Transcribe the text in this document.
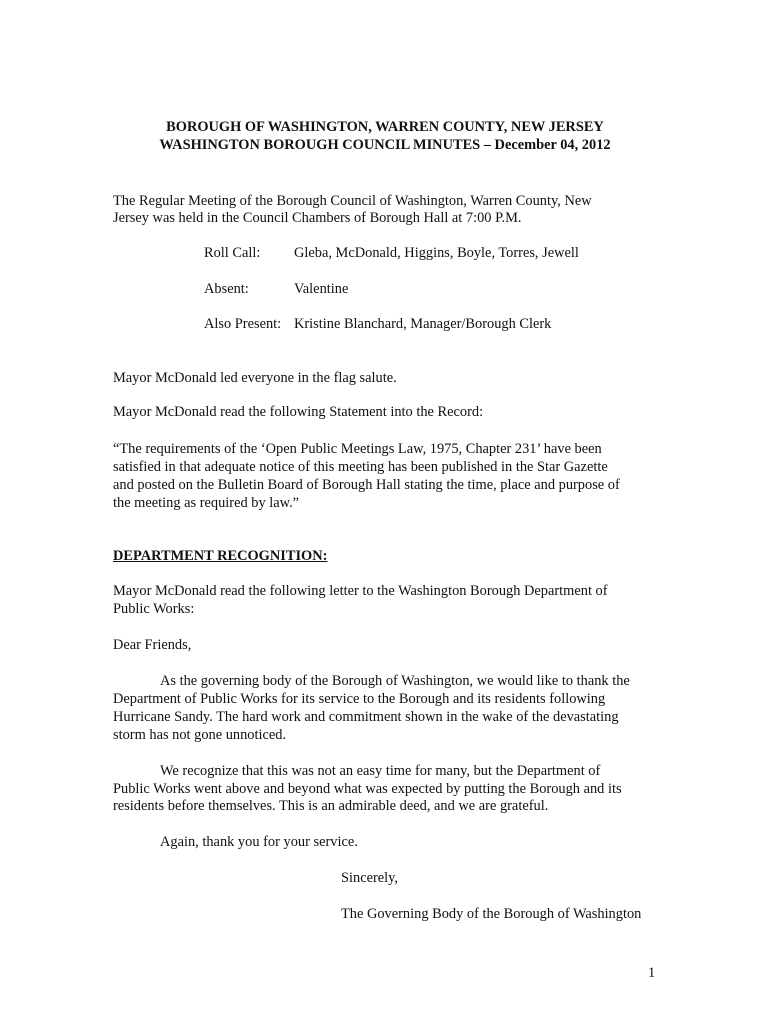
BOROUGH OF WASHINGTON, WARREN COUNTY, NEW JERSEY
WASHINGTON BOROUGH COUNCIL MINUTES – December 04, 2012
The Regular Meeting of the Borough Council of Washington, Warren County, New
Jersey was held in the Council Chambers of Borough Hall at 7:00 P.M.
Roll Call: Gleba, McDonald, Higgins, Boyle, Torres, Jewell
Absent:	Valentine
Also Present: Kristine Blanchard, Manager/Borough Clerk
Mayor McDonald led everyone in the flag salute.
Mayor McDonald read the following Statement into the Record:
“The requirements of the ‘Open Public Meetings Law, 1975, Chapter 231’ have been
satisfied in that adequate notice of this meeting has been published in the Star Gazette
and posted on the Bulletin Board of Borough Hall stating the time, place and purpose of
the meeting as required by law.”
DEPARTMENT RECOGNITION:
Mayor McDonald read the following letter to the Washington Borough Department of
Public Works:
Dear Friends,
As the governing body of the Borough of Washington, we would like to thank the
Department of Public Works for its service to the Borough and its residents following
Hurricane Sandy. The hard work and commitment shown in the wake of the devastating
storm has not gone unnoticed.
We recognize that this was not an easy time for many, but the Department of
Public Works went above and beyond what was expected by putting the Borough and its
residents before themselves. This is an admirable deed, and we are grateful.
Again, thank you for your service.
Sincerely,
The Governing Body of the Borough of Washington
1
